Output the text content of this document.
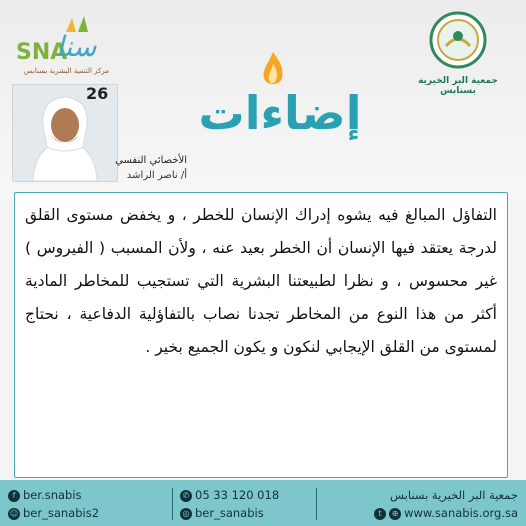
SNA
سنا
مركز التنمية البشرية بسنابس
جمعية البر الخيرية بسنابس
إضاءات
26
الأخصائي النفسي
أ/ ناصر الراشد
التفاؤل المبالغ فيه يشوه إدراك الإنسان للخطر ، و يخفض مستوى القلق لدرجة يعتقد فيها الإنسان أن الخطر بعيد عنه ، ولأن المسبب ( الفيروس ) غير محسوس ، و نظرا لطبيعتنا البشرية التي تستجيب للمخاطر المادية أكثر من هذا النوع من المخاطر تجدنا نصاب بالتفاؤلية الدفاعية ، نحتاج لمستوى من القلق الإيجابي لنكون و يكون الجميع بخير .
f ber.snabis
☺ ber_sanabis2
✆ 05 33 120 018
◎ ber_sanabis
جمعية البر الخيرية بسنابس
t ⊕ www.sanabis.org.sa
